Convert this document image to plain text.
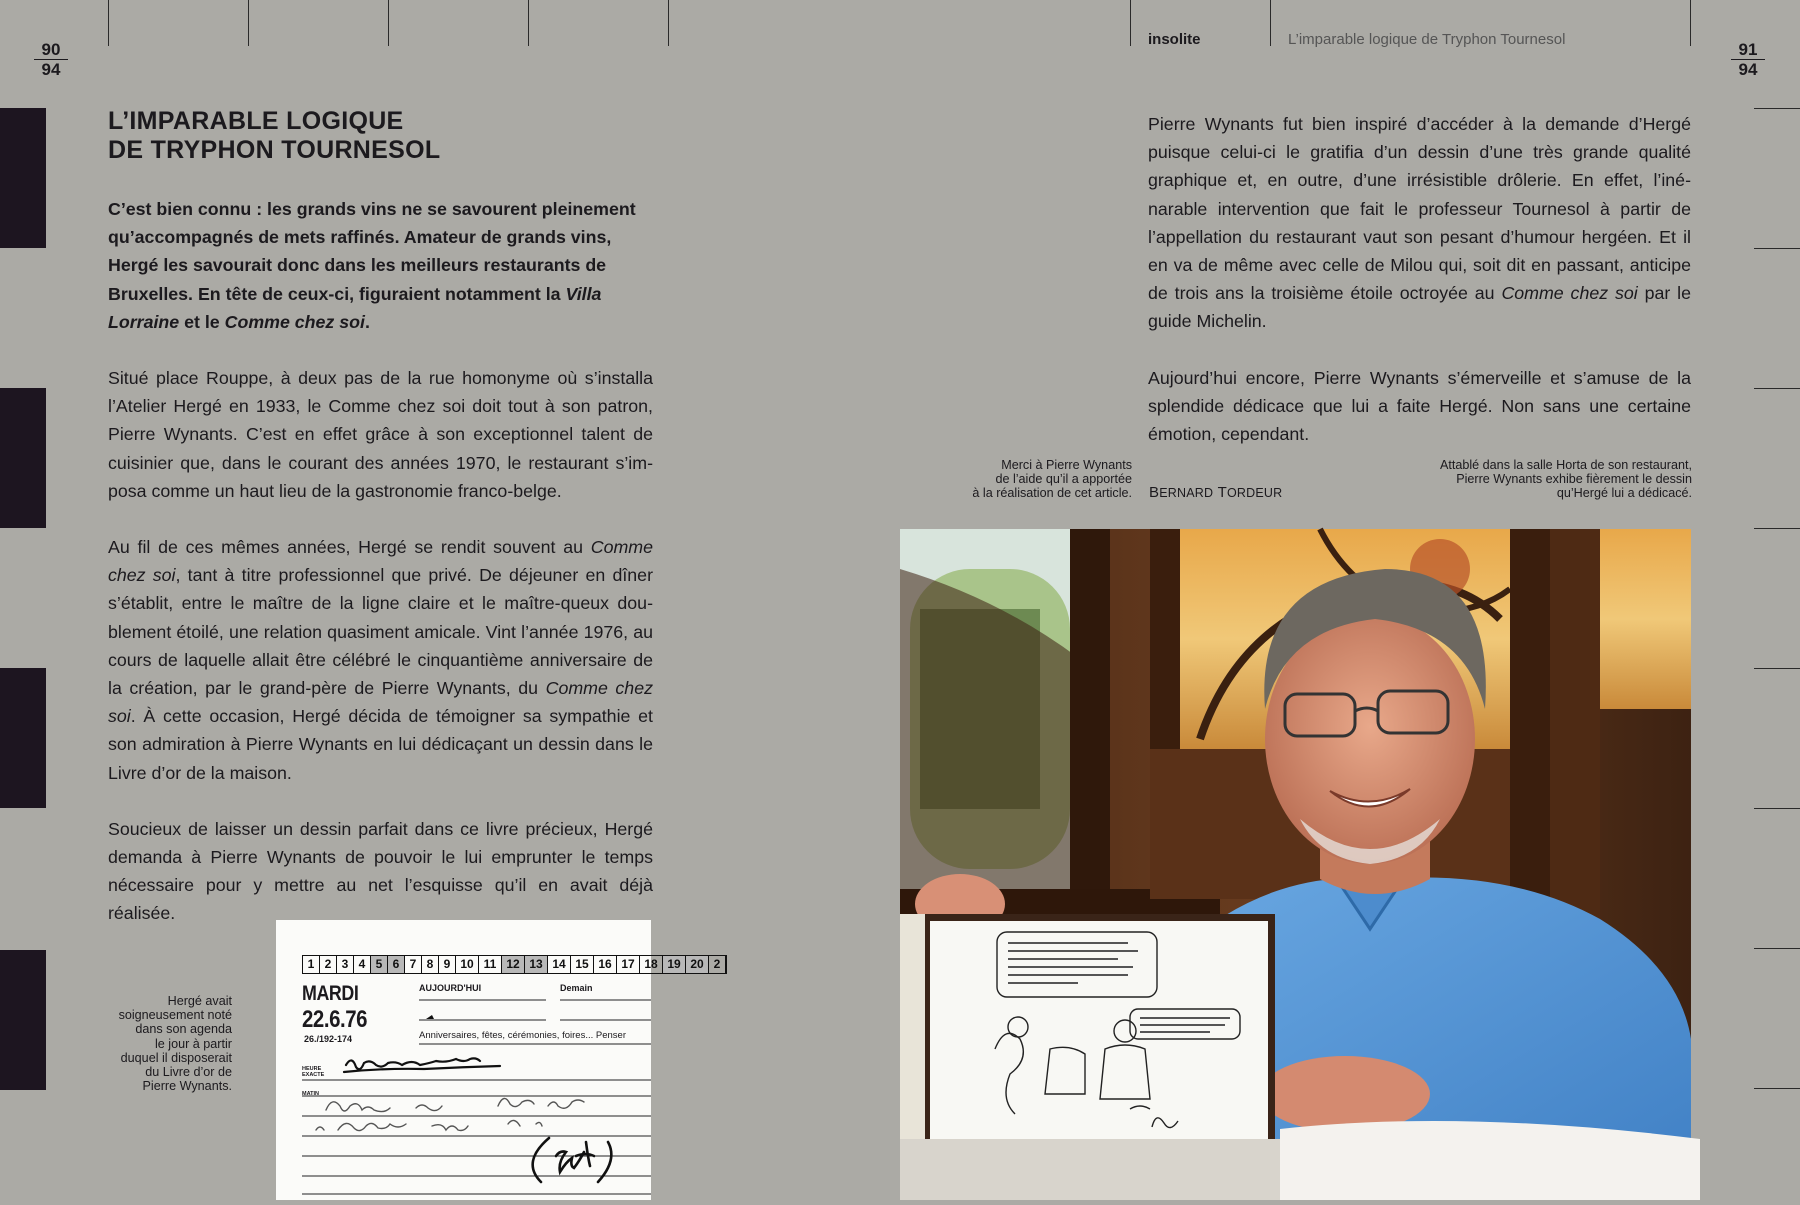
90
94
91
94
insolite	L’imparable logique de Tryphon Tournesol
L’IMPARABLE LOGIQUE
DE TRYPHON TOURNESOL
C’est bien connu : les grands vins ne se savourent pleinement qu’accompagnés de mets raffinés. Amateur de grands vins, Hergé les savourait donc dans les meilleurs restaurants de Bruxelles. En tête de ceux-ci, figuraient notamment la Villa Lorraine et le Comme chez soi.

Situé place Rouppe, à deux pas de la rue homonyme où s’installa l’Atelier Hergé en 1933, le Comme chez soi doit tout à son patron, Pierre Wynants. C’est en effet grâce à son exceptionnel talent de cuisinier que, dans le courant des années 1970, le restaurant s’imposa comme un haut lieu de la gastronomie franco-belge.

Au fil de ces mêmes années, Hergé se rendit souvent au Comme chez soi, tant à titre professionnel que privé. De déjeuner en dîner s’établit, entre le maître de la ligne claire et le maître-queux doublement étoilé, une relation quasiment amicale. Vint l’année 1976, au cours de laquelle allait être célébré le cinquantième anniversaire de la création, par le grand-père de Pierre Wynants, du Comme chez soi. À cette occasion, Hergé décida de témoigner sa sympathie et son admiration à Pierre Wynants en lui dédicaçant un dessin dans le Livre d’or de la maison.

Soucieux de laisser un dessin parfait dans ce livre précieux, Hergé demanda à Pierre Wynants de pouvoir le lui emprunter le temps nécessaire pour y mettre au net l’esquisse qu’il en avait déjà réalisée.

Hergé avait
soigneusement noté
dans son agenda
le jour à partir
duquel il disposerait
du Livre d’or de
Pierre Wynants.
1 2 3 4 5 6 7 8 9 10 11 12 13 14 15 16 17 18 19 20 2
MARDI
22.6.76
26./192-174
AUJOURD'HUI	Demain
Anniversaires, fêtes, cérémonies, foires... Penser
HEURE
EXACTE
MATIN

Pierre Wynants fut bien inspiré d’accéder à la demande d’Hergé puisque celui-ci le gratifia d’un dessin d’une très grande qualité graphique et, en outre, d’une irrésistible drôlerie. En effet, l’inénarable intervention que fait le professeur Tournesol à partir de l’appellation du restaurant vaut son pesant d’humour hergéen. Et il en va de même avec celle de Milou qui, soit dit en passant, anticipe de trois ans la troisième étoile octroyée au Comme chez soi par le guide Michelin.

Aujourd’hui encore, Pierre Wynants s’émerveille et s’amuse de la splendide dédicace que lui a faite Hergé. Non sans une certaine émotion, cependant.

Merci à Pierre Wynants
de l’aide qu’il a apportée
à la réalisation de cet article. BERNARD TORDEUR
Attablé dans la salle Horta de son restaurant,
Pierre Wynants exhibe fièrement le dessin
qu’Hergé lui a dédicacé.
